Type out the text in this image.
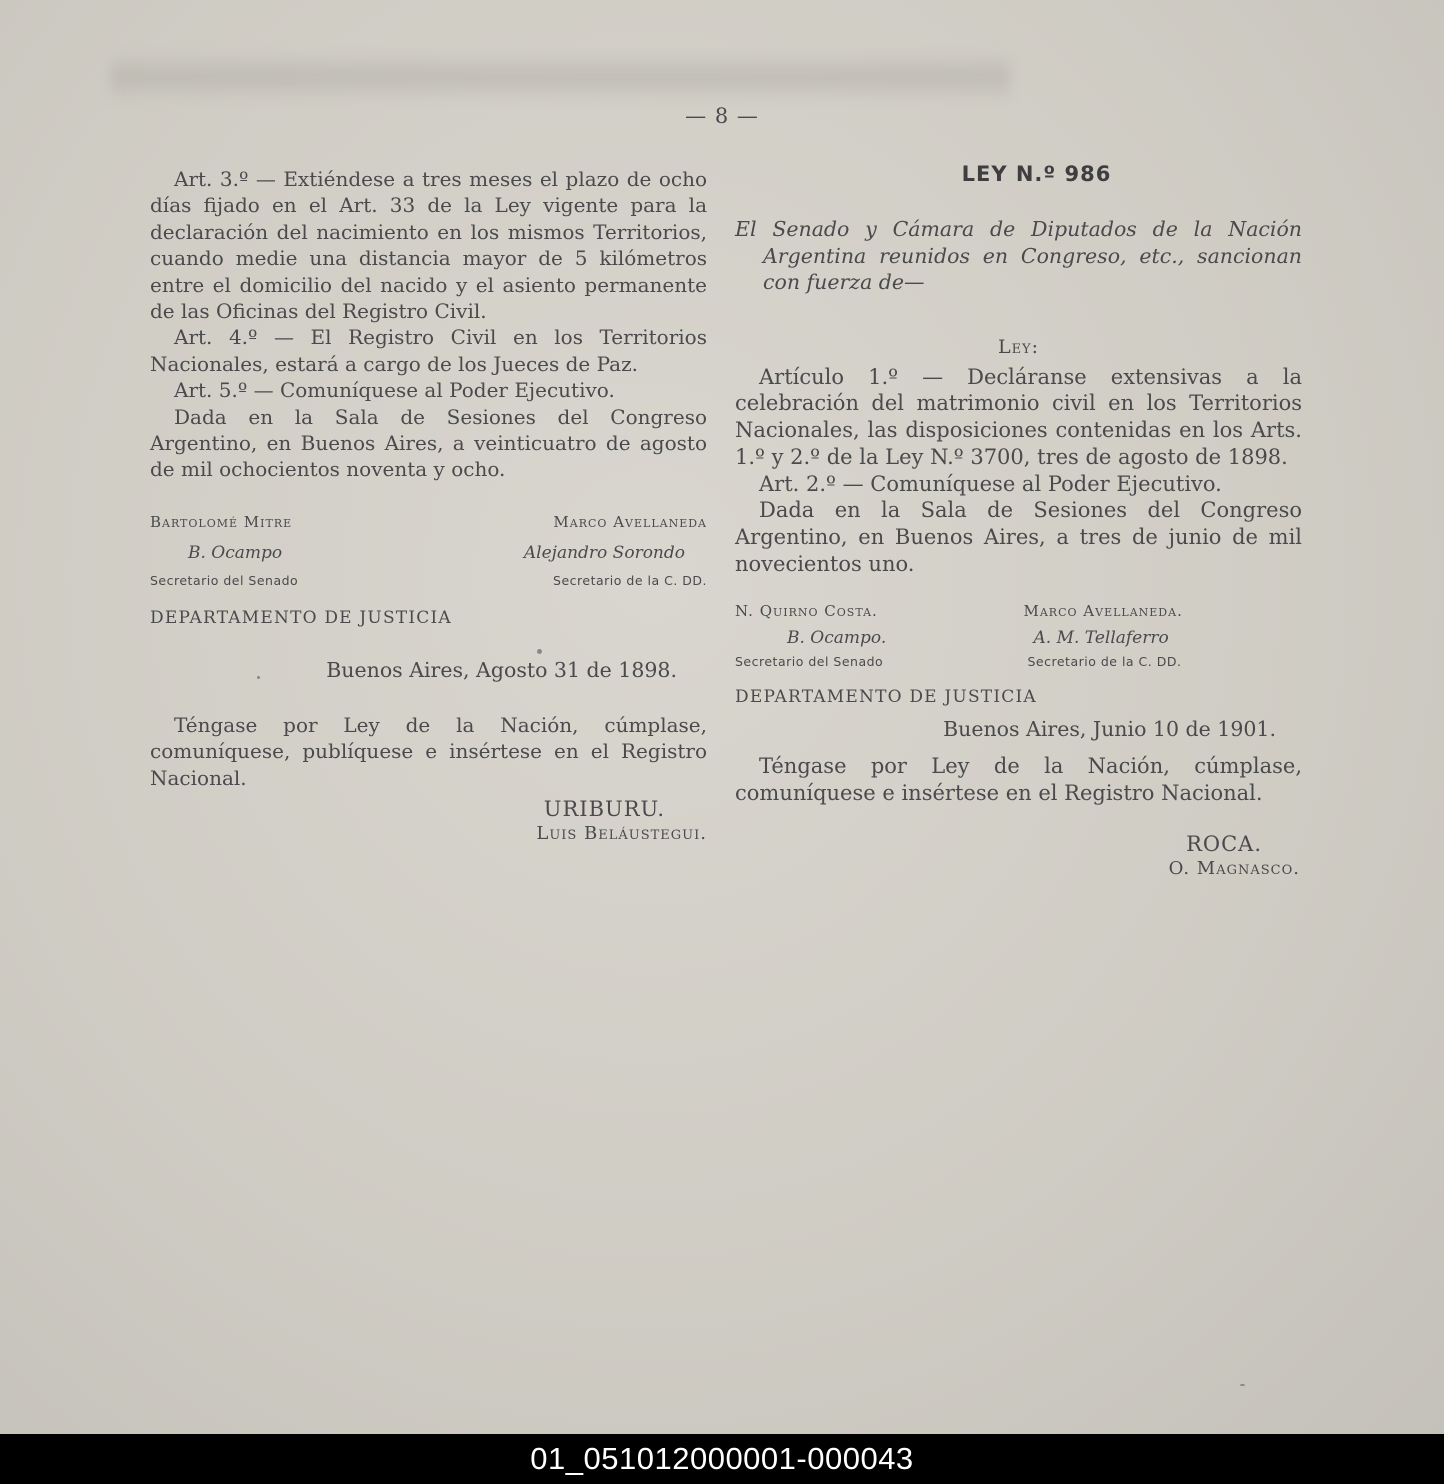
— 8 —

Art. 3.º — Extiéndese a tres meses el plazo de ocho días fijado en el Art. 33 de la Ley vigente para la declaración del nacimiento en los mismos Territorios, cuando medie una distancia mayor de 5 kilómetros entre el domicilio del nacido y el asiento permanente de las Oficinas del Registro Civil.

Art. 4.º — El Registro Civil en los Territorios Nacionales, estará a cargo de los Jueces de Paz.

Art. 5.º — Comuníquese al Poder Ejecutivo.

Dada en la Sala de Sesiones del Congreso Argentino, en Buenos Aires, a veinticuatro de agosto de mil ochocientos noventa y ocho.

Bartolomé Mitre	Marco Avellaneda
B. Ocampo	Alejandro Sorondo
Secretario del Senado	Secretario de la C. DD.

DEPARTAMENTO DE JUSTICIA

Buenos Aires, Agosto 31 de 1898.

Téngase por Ley de la Nación, cúmplase, comuníquese, publíquese e insértese en el Registro Nacional.

URIBURU.

Luis Beláustegui.

LEY N.º 986

El Senado y Cámara de Diputados de la Nación Argentina reunidos en Congreso, etc., sancionan con fuerza de—

Ley:

Artículo 1.º — Decláranse extensivas a la celebración del matrimonio civil en los Territorios Nacionales, las disposiciones contenidas en los Arts. 1.º y 2.º de la Ley N.º 3700, tres de agosto de 1898.

Art. 2.º — Comuníquese al Poder Ejecutivo.

Dada en la Sala de Sesiones del Congreso Argentino, en Buenos Aires, a tres de junio de mil novecientos uno.

N. Quirno Costa.	Marco Avellaneda.
B. Ocampo.	A. M. Tellaferro
Secretario del Senado	Secretario de la C. DD.

DEPARTAMENTO DE JUSTICIA

Buenos Aires, Junio 10 de 1901.

Téngase por Ley de la Nación, cúmplase, comuníquese e insértese en el Registro Nacional.

ROCA.

O. Magnasco.

01_051012000001-000043
